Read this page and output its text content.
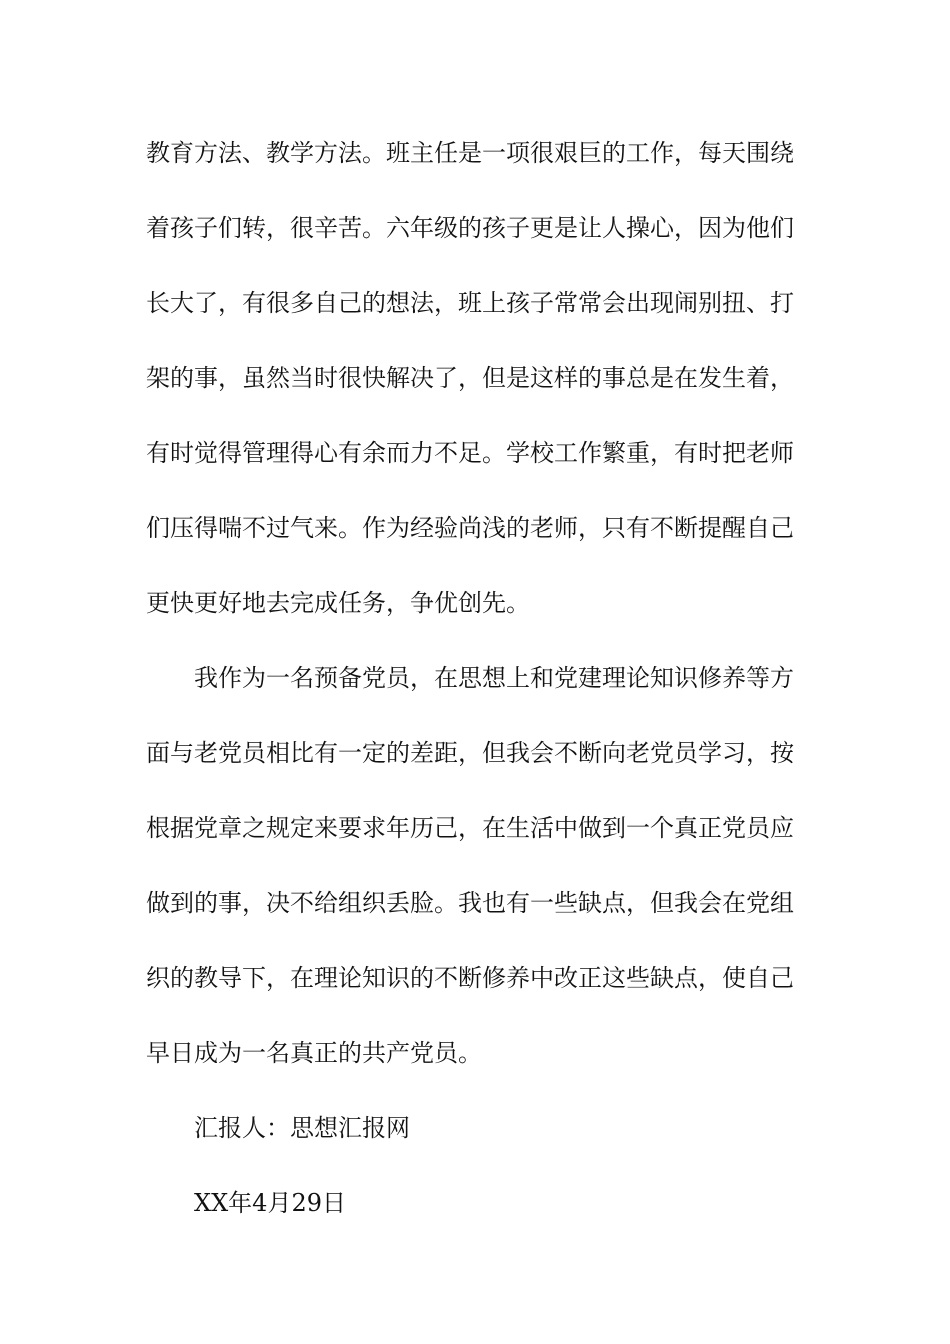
教育方法、教学方法。班主任是一项很艰巨的工作，每天围绕
着孩子们转，很辛苦。六年级的孩子更是让人操心，因为他们
长大了，有很多自己的想法，班上孩子常常会出现闹别扭、打
架的事，虽然当时很快解决了，但是这样的事总是在发生着，
有时觉得管理得心有余而力不足。学校工作繁重，有时把老师
们压得喘不过气来。作为经验尚浅的老师，只有不断提醒自己
更快更好地去完成任务，争优创先。
我作为一名预备党员，在思想上和党建理论知识修养等方
面与老党员相比有一定的差距，但我会不断向老党员学习，按
根据党章之规定来要求年历己，在生活中做到一个真正党员应
做到的事，决不给组织丢脸。我也有一些缺点，但我会在党组
织的教导下，在理论知识的不断修养中改正这些缺点，使自己
早日成为一名真正的共产党员。
汇报人：思想汇报网
XX年4月29日
